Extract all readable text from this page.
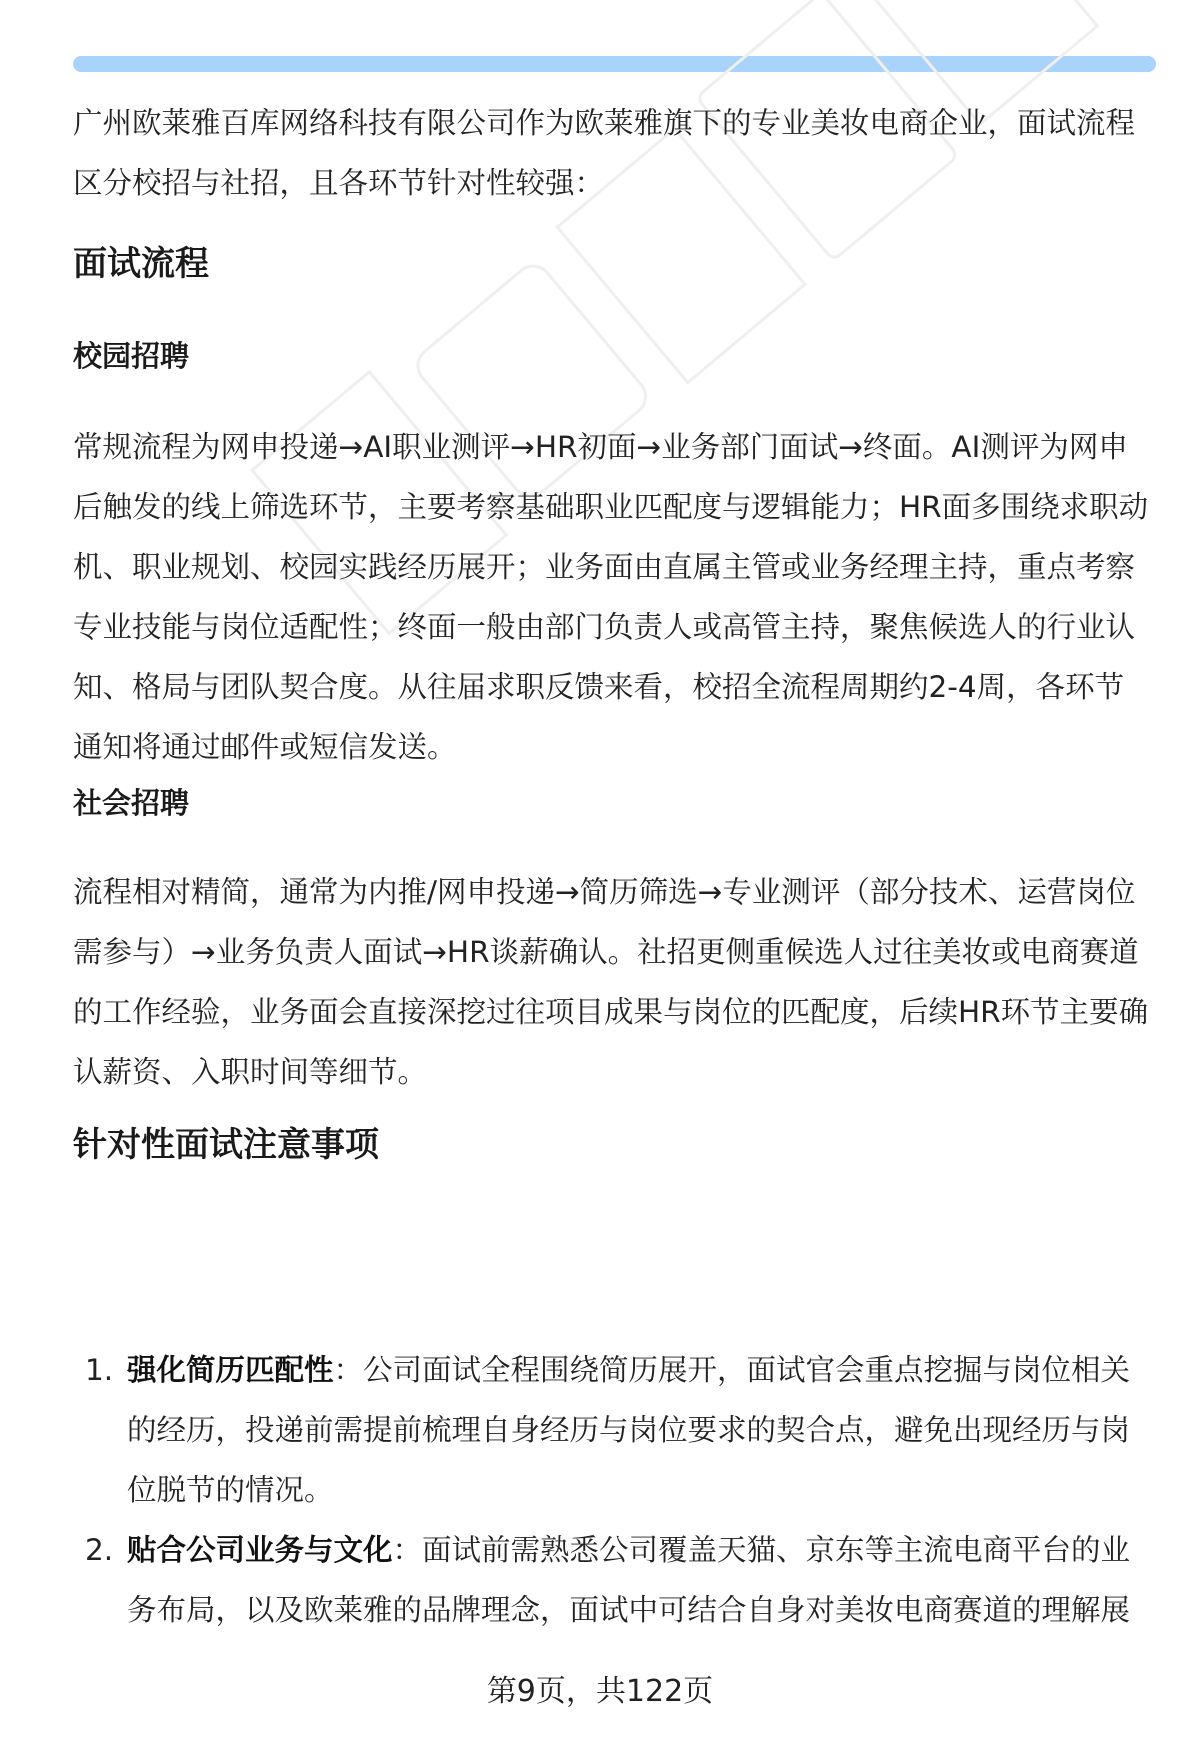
广州欧莱雅百库网络科技有限公司作为欧莱雅旗下的专业美妆电商企业，面试流程区分校招与社招，且各环节针对性较强：

面试流程
校园招聘

常规流程为网申投递→AI职业测评→HR初面→业务部门面试→终面。AI测评为网申后触发的线上筛选环节，主要考察基础职业匹配度与逻辑能力；HR面多围绕求职动机、职业规划、校园实践经历展开；业务面由直属主管或业务经理主持，重点考察专业技能与岗位适配性；终面一般由部门负责人或高管主持，聚焦候选人的行业认知、格局与团队契合度。从往届求职反馈来看，校招全流程周期约2-4周，各环节通知将通过邮件或短信发送。

社会招聘

流程相对精简，通常为内推/网申投递→简历筛选→专业测评（部分技术、运营岗位需参与）→业务负责人面试→HR谈薪确认。社招更侧重候选人过往美妆或电商赛道的工作经验，业务面会直接深挖过往项目成果与岗位的匹配度，后续HR环节主要确认薪资、入职时间等细节。

针对性面试注意事项
1. 强化简历匹配性：公司面试全程围绕简历展开，面试官会重点挖掘与岗位相关的经历，投递前需提前梳理自身经历与岗位要求的契合点，避免出现经历与岗位脱节的情况。
2. 贴合公司业务与文化：面试前需熟悉公司覆盖天猫、京东等主流电商平台的业务布局，以及欧莱雅的品牌理念，面试中可结合自身对美妆电商赛道的理解展
第9页，共122页
